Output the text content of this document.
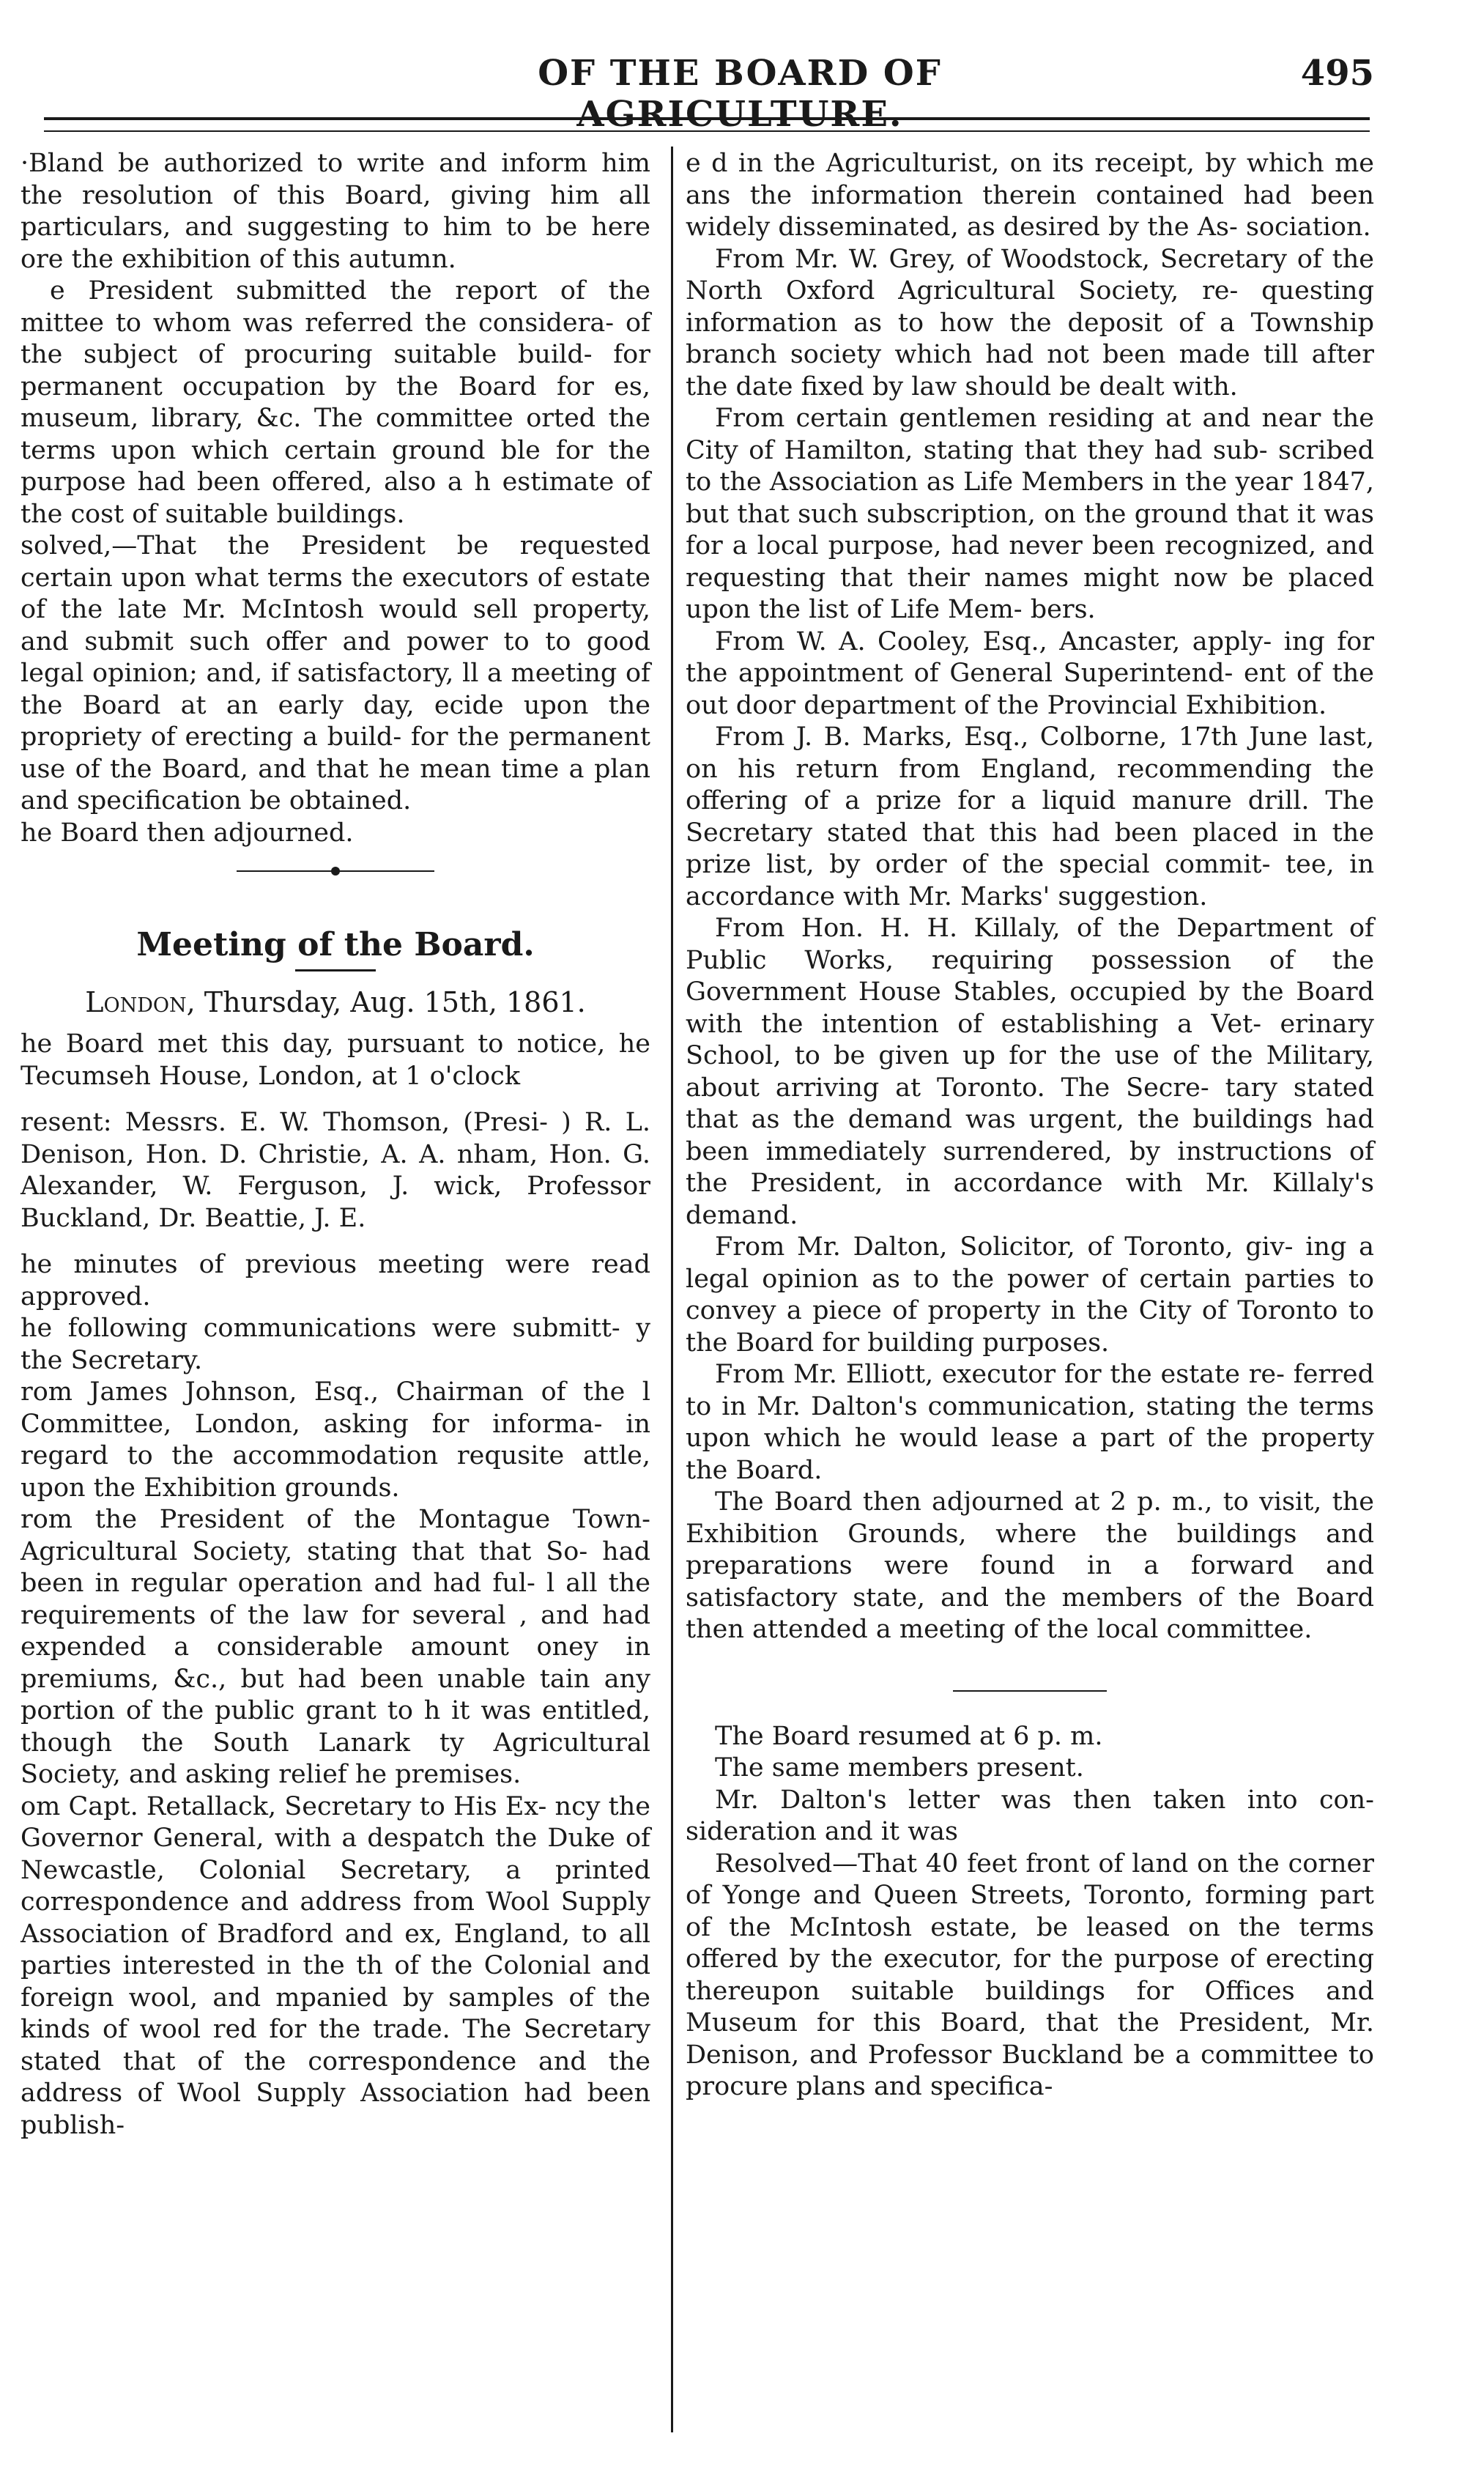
OF THE BOARD OF AGRICULTURE.
495

·Bland be authorized to write and inform him the resolution of this Board, giving him all particulars, and suggesting to him to be here ore the exhibition of this autumn.

e President submitted the report of the mittee to whom was referred the considera- of the subject of procuring suitable build- for permanent occupation by the Board for es, museum, library, &c. The committee orted the terms upon which certain ground ble for the purpose had been offered, also a h estimate of the cost of suitable buildings.

solved,—That the President be requested certain upon what terms the executors of estate of the late Mr. McIntosh would sell property, and submit such offer and power to to good legal opinion; and, if satisfactory, ll a meeting of the Board at an early day, ecide upon the propriety of erecting a build- for the permanent use of the Board, and that he mean time a plan and specification be obtained.

he Board then adjourned.

Meeting of the Board.
London, Thursday, Aug. 15th, 1861.

he Board met this day, pursuant to notice, he Tecumseh House, London, at 1 o'clock

resent: Messrs. E. W. Thomson, (Presi- ) R. L. Denison, Hon. D. Christie, A. A. nham, Hon. G. Alexander, W. Ferguson, J. wick, Professor Buckland, Dr. Beattie, J. E.

he minutes of previous meeting were read approved.

he following communications were submitt- y the Secretary.

rom James Johnson, Esq., Chairman of the l Committee, London, asking for informa- in regard to the accommodation requsite attle, upon the Exhibition grounds.

rom the President of the Montague Town- Agricultural Society, stating that that So- had been in regular operation and had ful- l all the requirements of the law for several , and had expended a considerable amount oney in premiums, &c., but had been unable tain any portion of the public grant to h it was entitled, though the South Lanark ty Agricultural Society, and asking relief he premises.

om Capt. Retallack, Secretary to His Ex- ncy the Governor General, with a despatch the Duke of Newcastle, Colonial Secretary, a printed correspondence and address from Wool Supply Association of Bradford and ex, England, to all parties interested in the th of the Colonial and foreign wool, and mpanied by samples of the kinds of wool red for the trade. The Secretary stated that of the correspondence and the address of Wool Supply Association had been publish-

e d in the Agriculturist, on its receipt, by which me ans the information therein contained had been widely disseminated, as desired by the As- sociation.

From Mr. W. Grey, of Woodstock, Secretary of the North Oxford Agricultural Society, re- questing information as to how the deposit of a Township branch society which had not been made till after the date fixed by law should be dealt with.

From certain gentlemen residing at and near the City of Hamilton, stating that they had sub- scribed to the Association as Life Members in the year 1847, but that such subscription, on the ground that it was for a local purpose, had never been recognized, and requesting that their names might now be placed upon the list of Life Mem- bers.

From W. A. Cooley, Esq., Ancaster, apply- ing for the appointment of General Superintend- ent of the out door department of the Provincial Exhibition.

From J. B. Marks, Esq., Colborne, 17th June last, on his return from England, recommending the offering of a prize for a liquid manure drill. The Secretary stated that this had been placed in the prize list, by order of the special commit- tee, in accordance with Mr. Marks' suggestion.

From Hon. H. H. Killaly, of the Department of Public Works, requiring possession of the Government House Stables, occupied by the Board with the intention of establishing a Vet- erinary School, to be given up for the use of the Military, about arriving at Toronto. The Secre- tary stated that as the demand was urgent, the buildings had been immediately surrendered, by instructions of the President, in accordance with Mr. Killaly's demand.

From Mr. Dalton, Solicitor, of Toronto, giv- ing a legal opinion as to the power of certain parties to convey a piece of property in the City of Toronto to the Board for building purposes.

From Mr. Elliott, executor for the estate re- ferred to in Mr. Dalton's communication, stating the terms upon which he would lease a part of the property the Board.

The Board then adjourned at 2 p. m., to visit, the Exhibition Grounds, where the buildings and preparations were found in a forward and satisfactory state, and the members of the Board then attended a meeting of the local committee.

The Board resumed at 6 p. m.

The same members present.

Mr. Dalton's letter was then taken into con- sideration and it was

Resolved—That 40 feet front of land on the corner of Yonge and Queen Streets, Toronto, forming part of the McIntosh estate, be leased on the terms offered by the executor, for the purpose of erecting thereupon suitable buildings for Offices and Museum for this Board, that the President, Mr. Denison, and Professor Buckland be a committee to procure plans and specifica-
